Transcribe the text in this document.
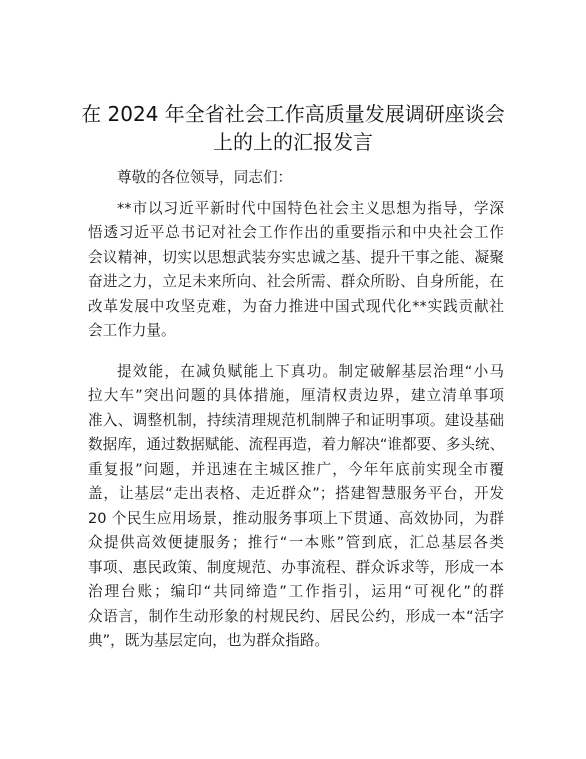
在 2024 年全省社会工作高质量发展调研座谈会
上的上的汇报发言
尊敬的各位领导，同志们：
**市以习近平新时代中国特色社会主义思想为指导，学深
悟透习近平总书记对社会工作作出的重要指示和中央社会工作
会议精神，切实以思想武装夯实忠诚之基、提升干事之能、凝聚
奋进之力，立足未来所向、社会所需、群众所盼、自身所能，在
改革发展中攻坚克难，为奋力推进中国式现代化**实践贡献社
会工作力量。
提效能，在减负赋能上下真功。制定破解基层治理“小马
拉大车”突出问题的具体措施，厘清权责边界，建立清单事项
准入、调整机制，持续清理规范机制牌子和证明事项。建设基础
数据库，通过数据赋能、流程再造，着力解决“谁都要、多头统、
重复报”问题，并迅速在主城区推广，今年年底前实现全市覆
盖，让基层“走出表格、走近群众”；搭建智慧服务平台，开发
20 个民生应用场景，推动服务事项上下贯通、高效协同，为群
众提供高效便捷服务；推行“一本账”管到底，汇总基层各类
事项、惠民政策、制度规范、办事流程、群众诉求等，形成一本
治理台账；编印“共同缔造”工作指引，运用“可视化”的群
众语言，制作生动形象的村规民约、居民公约，形成一本“活字
典”，既为基层定向，也为群众指路。
